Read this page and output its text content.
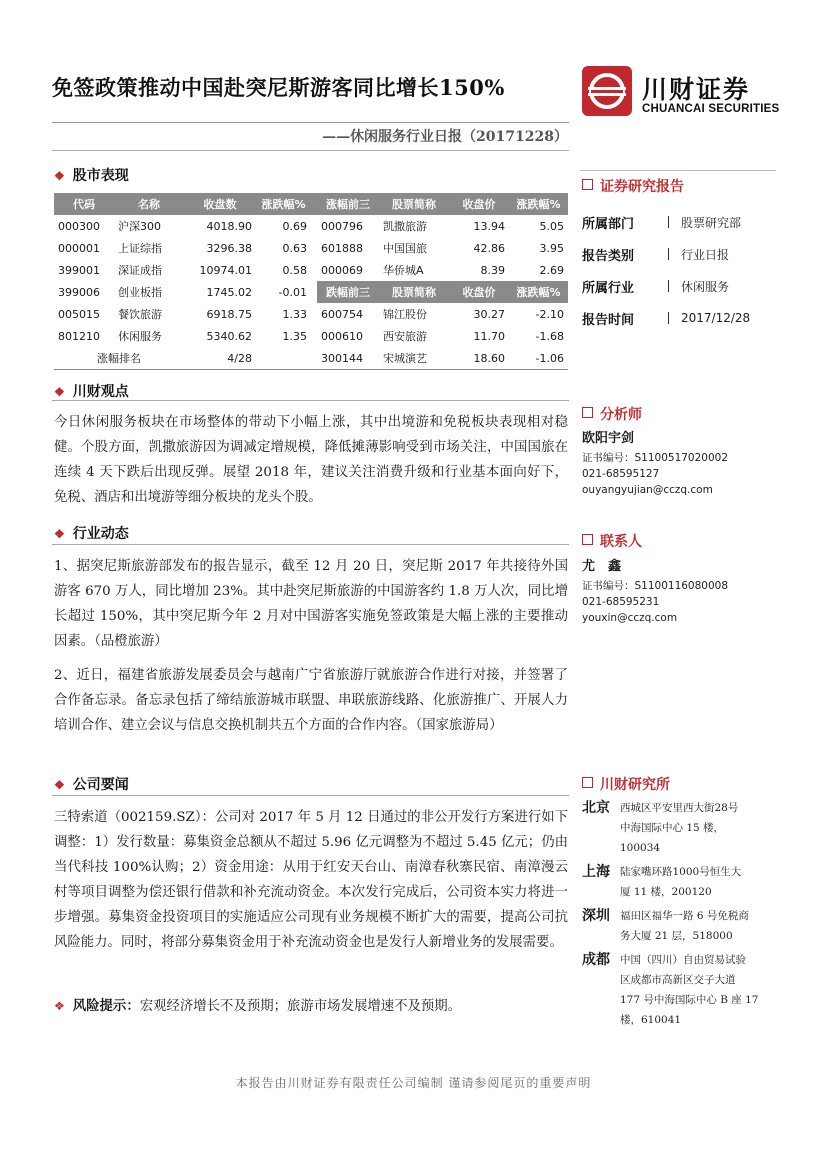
免签政策推动中国赴突尼斯游客同比增长150%	川财证券
CHUANCAI SECURITIES
——休闲服务行业日报（20171228）
❖ 股市表现
代码	名称	收盘数	涨跌幅%		涨幅前三	股票简称	收盘价	涨跌幅%
000300	沪深300	4018.90	0.69		000796	凯撒旅游	13.94	5.05
000001	上证综指	3296.38	0.63		601888	中国国旅	42.86	3.95
399001	深证成指	10974.01	0.58		000069	华侨城A	8.39	2.69
399006	创业板指	1745.02	-0.01		跌幅前三	股票简称	收盘价	涨跌幅%
005015	餐饮旅游	6918.75	1.33		600754	锦江股份	30.27	-2.10
801210	休闲服务	5340.62	1.35		000610	西安旅游	11.70	-1.68
涨幅排名		4/28			300144	宋城演艺	18.60	-1.06
❖ 川财观点
今日休闲服务板块在市场整体的带动下小幅上涨，其中出境游和免税板块表现相对稳健。个股方面，凯撒旅游因为调减定增规模，降低摊薄影响受到市场关注，中国国旅在连续 4 天下跌后出现反弹。展望 2018 年，建议关注消费升级和行业基本面向好下，免税、酒店和出境游等细分板块的龙头个股。
❖ 行业动态
1、据突尼斯旅游部发布的报告显示，截至 12 月 20 日，突尼斯 2017 年共接待外国游客 670 万人，同比增加 23%。其中赴突尼斯旅游的中国游客约 1.8 万人次，同比增长超过 150%，其中突尼斯今年 2 月对中国游客实施免签政策是大幅上涨的主要推动因素。（品橙旅游）
2、近日，福建省旅游发展委员会与越南广宁省旅游厅就旅游合作进行对接，并签署了合作备忘录。备忘录包括了缔结旅游城市联盟、串联旅游线路、化旅游推广、开展人力培训合作、建立会议与信息交换机制共五个方面的合作内容。（国家旅游局）
❖ 公司要闻
三特索道（002159.SZ）：公司对 2017 年 5 月 12 日通过的非公开发行方案进行如下调整：1）发行数量：募集资金总额从不超过 5.96 亿元调整为不超过 5.45 亿元；仍由当代科技 100%认购；2）资金用途：从用于红安天台山、南漳春秋寨民宿、南漳漫云村等项目调整为偿还银行借款和补充流动资金。本次发行完成后，公司资本实力将进一步增强。募集资金投资项目的实施适应公司现有业务规模不断扩大的需要，提高公司抗风险能力。同时，将部分募集资金用于补充流动资金也是发行人新增业务的发展需要。
❖ 风险提示：宏观经济增长不及预期；旅游市场发展增速不及预期。
证券研究报告
所属部门	股票研究部
报告类别	行业日报
所属行业	休闲服务
报告时间	2017/12/28
分析师
欧阳宇剑
证书编号：S1100517020002
021-68595127
ouyangyujian@cczq.com
联系人
尤　鑫
证书编号：S1100116080008
021-68595231
youxin@cczq.com
川财研究所
北京 西城区平安里西大街28号
中海国际中心 15 楼，
100034
上海 陆家嘴环路1000号恒生大
厦 11 楼，200120
深圳 福田区福华一路 6 号免税商
务大厦 21 层，518000
成都 中国（四川）自由贸易试验
区成都市高新区交子大道
177 号中海国际中心 B 座 17
楼，610041
本报告由川财证券有限责任公司编制 谨请参阅尾页的重要声明
